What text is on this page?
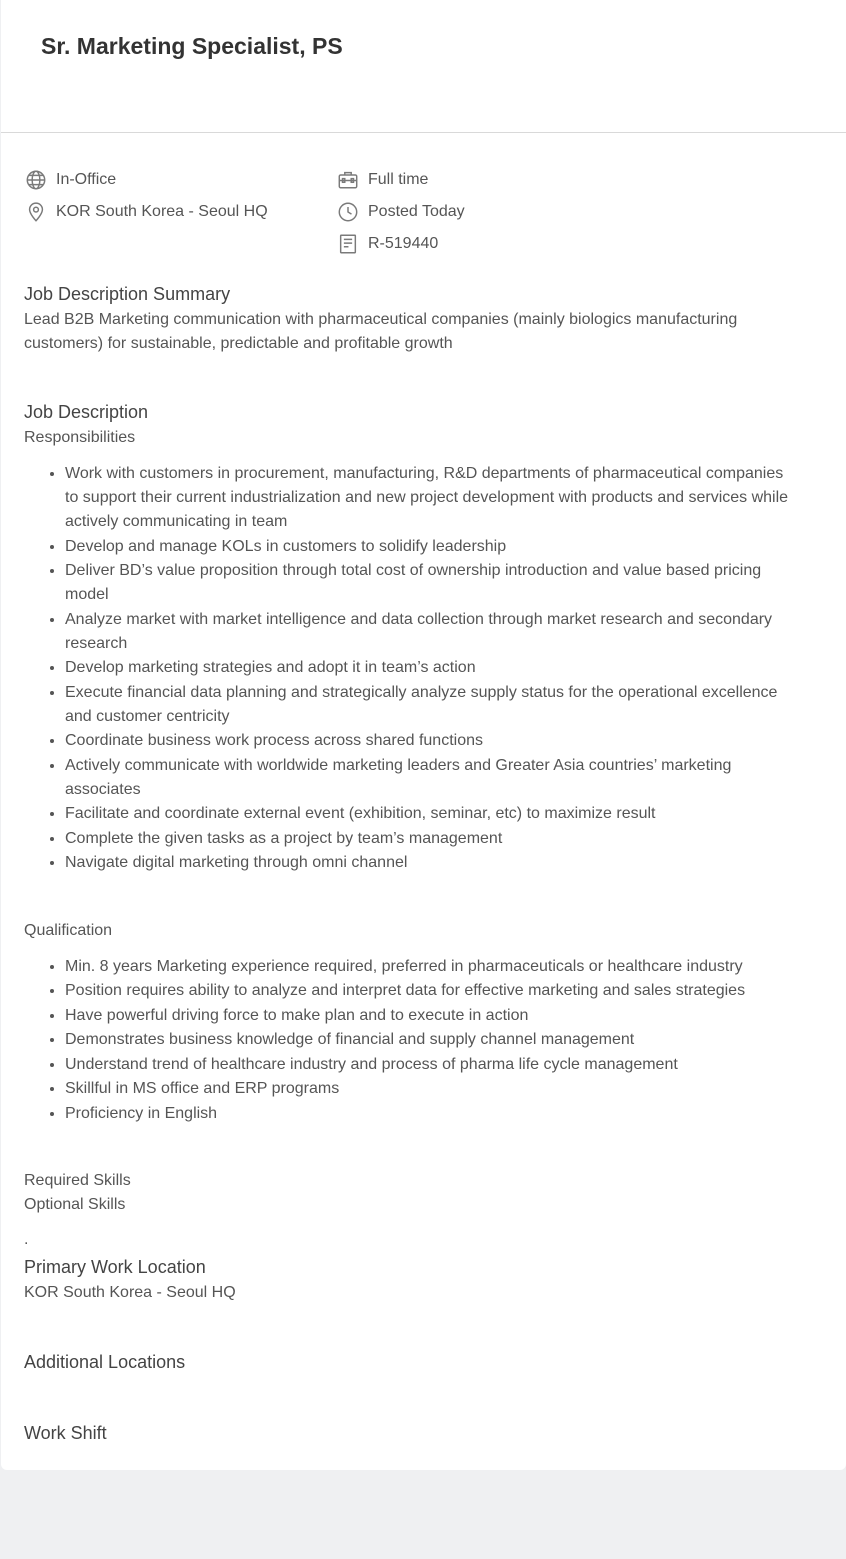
Sr. Marketing Specialist, PS
In-Office
KOR South Korea - Seoul HQ
Full time
Posted Today
R-519440
Job Description Summary

Lead B2B Marketing communication with pharmaceutical companies (mainly biologics manufacturing customers) for sustainable, predictable and profitable growth

Job Description

Responsibilities

• Work with customers in procurement, manufacturing, R&D departments of pharmaceutical companies to support their current industrialization and new project development with products and services while actively communicating in team
• Develop and manage KOLs in customers to solidify leadership
• Deliver BD’s value proposition through total cost of ownership introduction and value based pricing model
• Analyze market with market intelligence and data collection through market research and secondary research
• Develop marketing strategies and adopt it in team’s action
• Execute financial data planning and strategically analyze supply status for the operational excellence and customer centricity
• Coordinate business work process across shared functions
• Actively communicate with worldwide marketing leaders and Greater Asia countries’ marketing associates
• Facilitate and coordinate external event (exhibition, seminar, etc) to maximize result
• Complete the given tasks as a project by team’s management
• Navigate digital marketing through omni channel

Qualification

• Min. 8 years Marketing experience required, preferred in pharmaceuticals or healthcare industry
• Position requires ability to analyze and interpret data for effective marketing and sales strategies
• Have powerful driving force to make plan and to execute in action
• Demonstrates business knowledge of financial and supply channel management
• Understand trend of healthcare industry and process of pharma life cycle management
• Skillful in MS office and ERP programs
• Proficiency in English

Required Skills

Optional Skills

.

Primary Work Location

KOR South Korea - Seoul HQ

Additional Locations
Work Shift
